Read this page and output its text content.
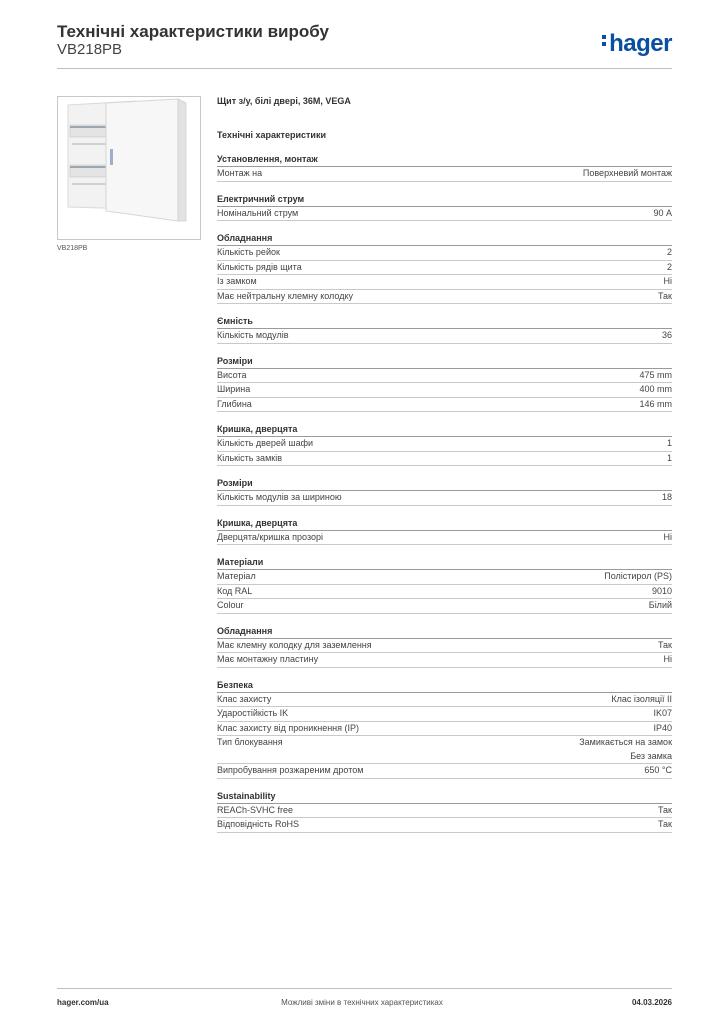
Технічні характеристики виробу
VB218PB	hager
VB218PB
Щит з/у, білі двері, 36M, VEGA
Технічні характеристики
Установлення, монтаж
Монтаж на	Поверхневий монтаж
Електричний струм
Номінальний струм	90 А
Обладнання
Кількість рейок	2
Кількість рядів щита	2
Із замком	Ні
Має нейтральну клемну колодку	Так
Ємність
Кількість модулів	36
Розміри
Висота	475 mm
Ширина	400 mm
Глибина	146 mm
Кришка, дверцята
Кількість дверей шафи	1
Кількість замків	1
Розміри
Кількість модулів за шириною	18
Кришка, дверцята
Дверцята/кришка прозорі	Ні
Матеріали
Матеріал	Полістирол (PS)
Код RAL	9010
Colour	Білий
Обладнання
Має клемну колодку для заземлення	Так
Має монтажну пластину	Ні
Безпека
Клас захисту	Клас ізоляції II
Ударостійкість IK	IK07
Клас захисту від проникнення (IP)	IP40
Тип блокування	Замикається на замок
Без замка
Випробування розжареним дротом	650 °C
Sustainability
REACh-SVHC free	Так
Відповідність RoHS	Так
hager.com/ua	Можливі зміни в технічних характеристиках	04.03.2026
